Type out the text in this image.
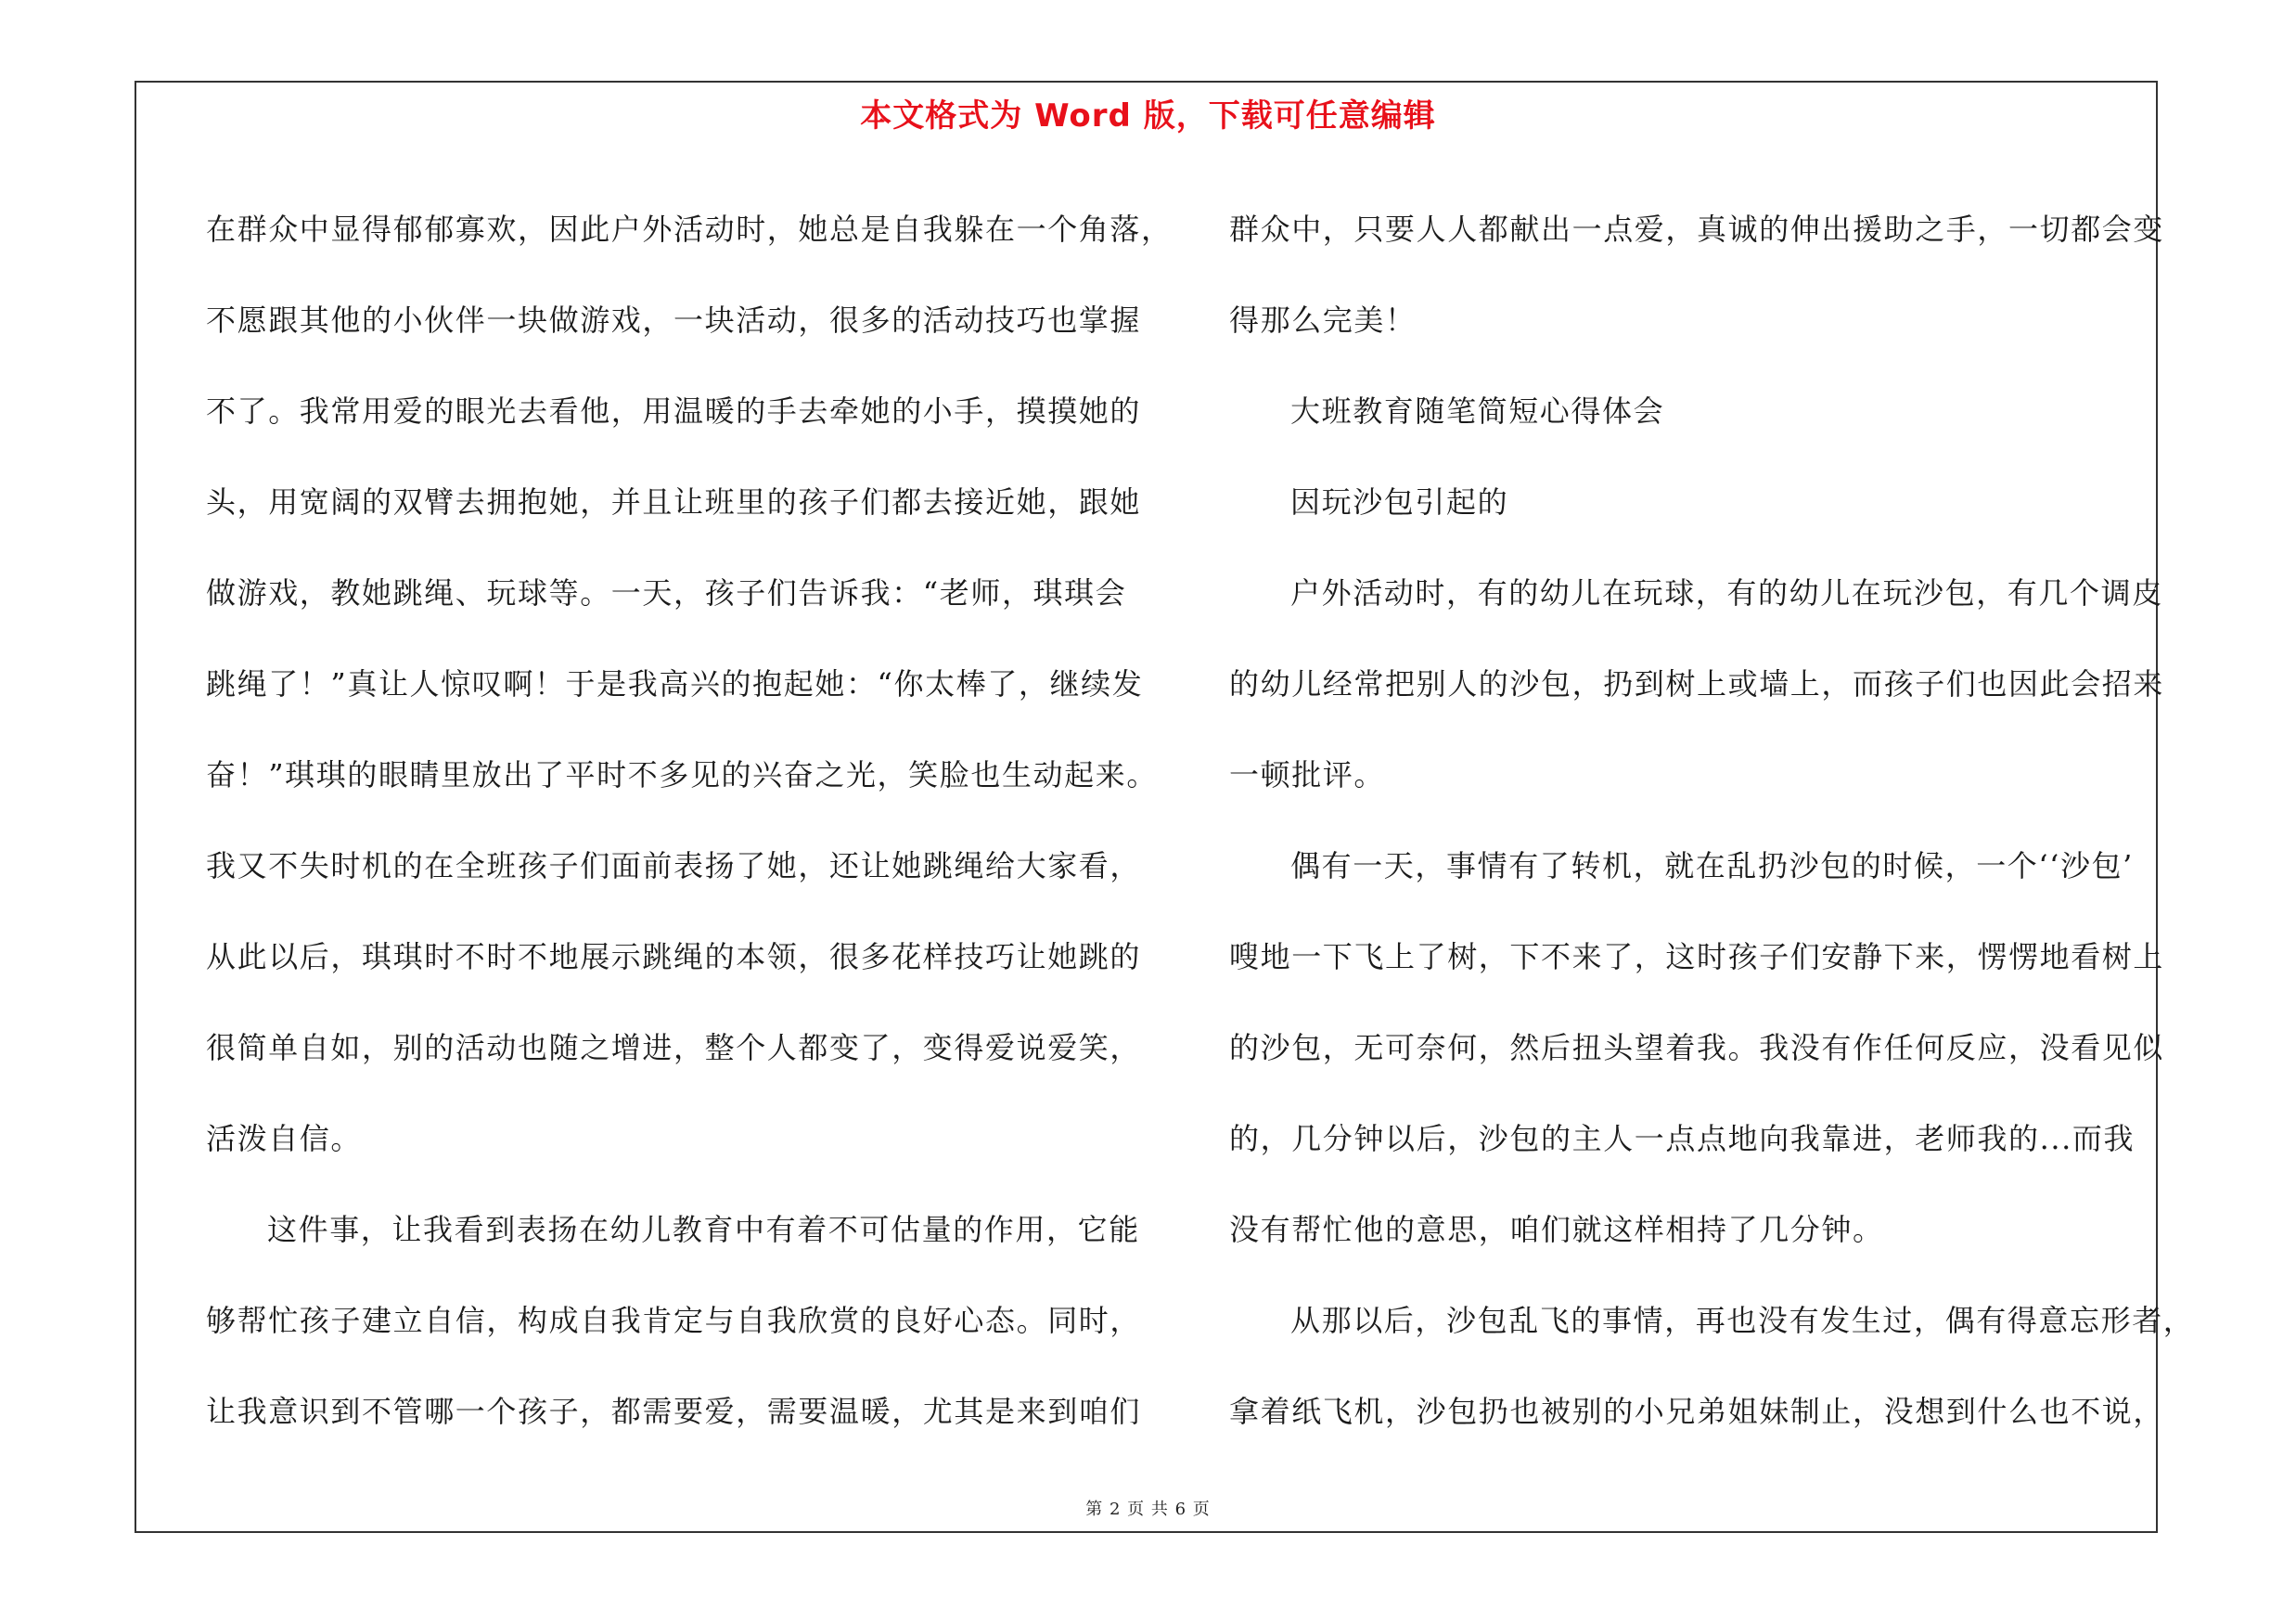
本文格式为 Word 版，下载可任意编辑
在群众中显得郁郁寡欢，因此户外活动时，她总是自我躲在一个角落，
不愿跟其他的小伙伴一块做游戏，一块活动，很多的活动技巧也掌握
不了。我常用爱的眼光去看他，用温暖的手去牵她的小手，摸摸她的
头，用宽阔的双臂去拥抱她，并且让班里的孩子们都去接近她，跟她
做游戏，教她跳绳、玩球等。一天，孩子们告诉我：“老师，琪琪会
跳绳了！”真让人惊叹啊！于是我高兴的抱起她：“你太棒了，继续发
奋！”琪琪的眼睛里放出了平时不多见的兴奋之光，笑脸也生动起来。
我又不失时机的在全班孩子们面前表扬了她，还让她跳绳给大家看，
从此以后，琪琪时不时不地展示跳绳的本领，很多花样技巧让她跳的
很简单自如，别的活动也随之增进，整个人都变了，变得爱说爱笑，
活泼自信。
这件事，让我看到表扬在幼儿教育中有着不可估量的作用，它能
够帮忙孩子建立自信，构成自我肯定与自我欣赏的良好心态。同时，
让我意识到不管哪一个孩子，都需要爱，需要温暖，尤其是来到咱们
群众中，只要人人都献出一点爱，真诚的伸出援助之手，一切都会变
得那么完美！
大班教育随笔简短心得体会
因玩沙包引起的
户外活动时，有的幼儿在玩球，有的幼儿在玩沙包，有几个调皮
的幼儿经常把别人的沙包，扔到树上或墙上，而孩子们也因此会招来
一顿批评。
偶有一天，事情有了转机，就在乱扔沙包的时候，一个‘‘沙包’
嗖地一下飞上了树，下不来了，这时孩子们安静下来，愣愣地看树上
的沙包，无可奈何，然后扭头望着我。我没有作任何反应，没看见似
的，几分钟以后，沙包的主人一点点地向我靠进，老师我的...而我
没有帮忙他的意思，咱们就这样相持了几分钟。
从那以后，沙包乱飞的事情，再也没有发生过，偶有得意忘形者，
拿着纸飞机，沙包扔也被别的小兄弟姐妹制止，没想到什么也不说，
第 2 页 共 6 页
